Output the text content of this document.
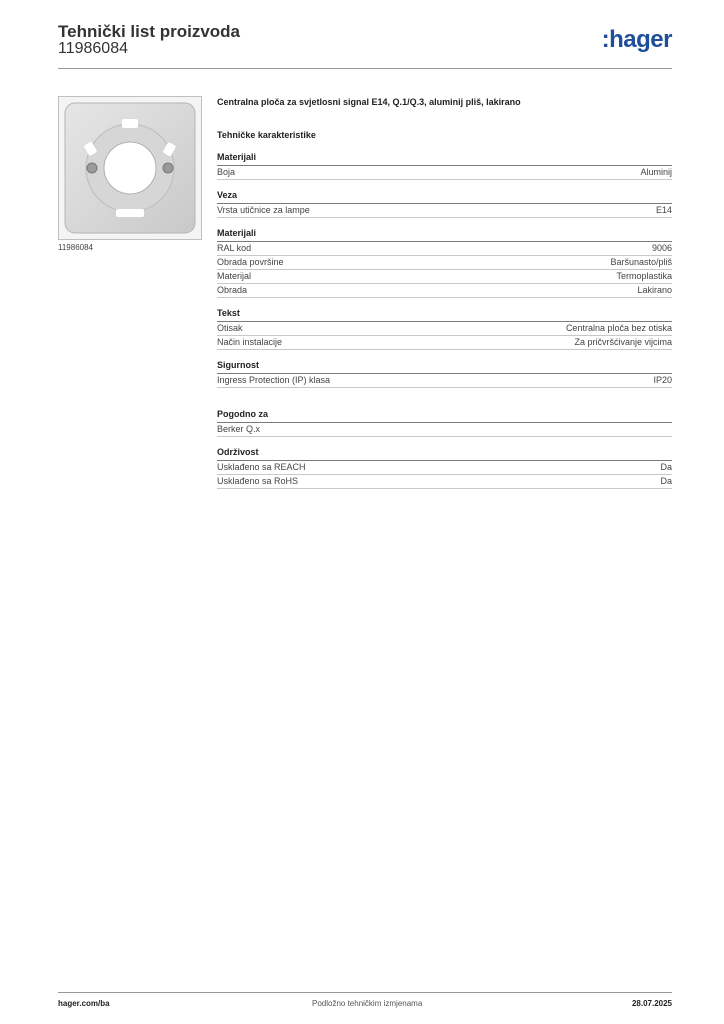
Tehnički list proizvoda
11986084	:hager
11986084
Centralna ploča za svjetlosni signal E14, Q.1/Q.3, aluminij pliš, lakirano
Tehničke karakteristike
Materijali
Boja	Aluminij
Veza
Vrsta utičnice za lampe	E14
Materijali
RAL kod	9006
Obrada površine	Baršunasto/pliš
Materijal	Termoplastika
Obrada	Lakirano
Tekst
Otisak	Centralna ploča bez otiska
Način instalacije	Za pričvršćivanje vijcima
Sigurnost
Ingress Protection (IP) klasa	IP20
Pogodno za
Berker Q.x
Održivost
Usklađeno sa REACH	Da
Usklađeno sa RoHS	Da
hager.com/ba	Podložno tehničkim izmjenama	28.07.2025
